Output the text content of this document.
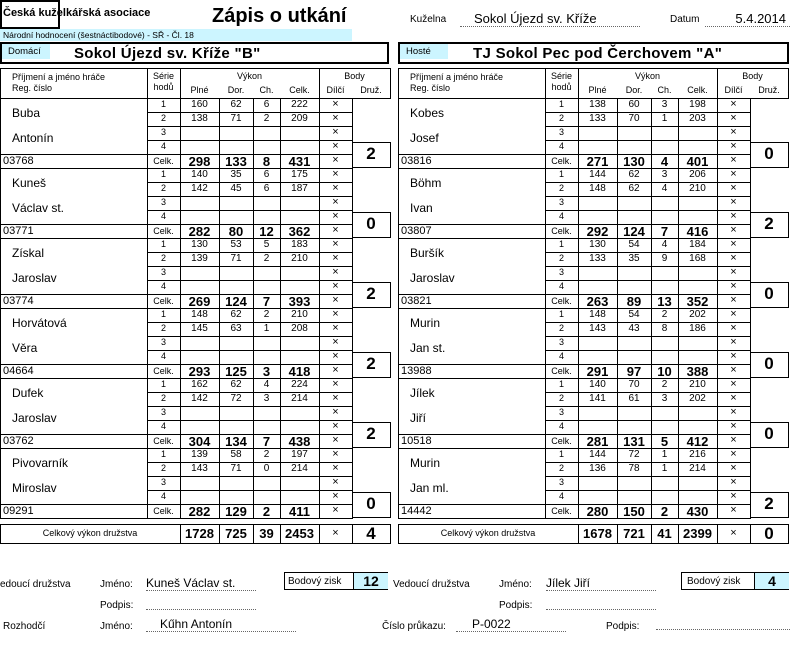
Česká kuželkářská asociace
Národní hodnocení (šestnáctibodové) - SŘ - Čl. 18
Zápis o utkání	Kuželna	Sokol Újezd sv. Kříže	Datum	5.4.2014
Domácí	Sokol Újezd sv. Kříže "B"	Hosté	TJ Sokol Pec pod Čerchovem "A"
Příjmení a jméno hráče
Reg. číslo
Série hodů
Výkon
Plné	Dor.	Ch.	Celk.
Body
Dílčí	Druž.
Buba
Antonín
03768
1	160	62	6	222	×
2	138	71	2	209	×
3	×
4	×
Celk.	298	133	8	431	×	2
Kuneš
Václav st.
03771
1	140	35	6	175	×
2	142	45	6	187	×
3	×
4	×
Celk.	282	80	12	362	×	0
Získal
Jaroslav
03774
1	130	53	5	183	×
2	139	71	2	210	×
3	×
4	×
Celk.	269	124	7	393	×	2
Horvátová
Věra
04664
1	148	62	2	210	×
2	145	63	1	208	×
3	×
4	×
Celk.	293	125	3	418	×	2
Dufek
Jaroslav
03762
1	162	62	4	224	×
2	142	72	3	214	×
3	×
4	×
Celk.	304	134	7	438	×	2
Pivovarník
Miroslav
09291
1	139	58	2	197	×
2	143	71	0	214	×
3	×
4	×
Celk.	282	129	2	411	×	0
Celkový výkon družstva	1728 725 39 2453	×	4
Příjmení a jméno hráče
Reg. číslo
Série hodů
Výkon
Plné	Dor.	Ch.	Celk.
Body
Dílčí	Druž.
Kobes
Josef
03816
1	138	60	3	198	×
2	133	70	1	203	×
3	×
4	×
Celk.	271	130	4	401	×	0
Böhm
Ivan
03807
1	144	62	3	206	×
2	148	62	4	210	×
3	×
4	×
Celk.	292	124	7	416	×	2
Buršík
Jaroslav
03821
1	130	54	4	184	×
2	133	35	9	168	×
3	×
4	×
Celk.	263	89	13	352	×	0
Murin
Jan st.
13988
1	148	54	2	202	×
2	143	43	8	186	×
3	×
4	×
Celk.	291	97	10	388	×	0
Jílek
Jiří
10518
1	140	70	2	210	×
2	141	61	3	202	×
3	×
4	×
Celk.	281	131	5	412	×	0
Murin
Jan ml.
14442
1	144	72	1	216	×
2	136	78	1	214	×
3	×
4	×
Celk.	280	150	2	430	×	2
Celkový výkon družstva	1678 721 41 2399	×	0
edoucí družstva	Jméno: Kuneš Václav st.	Bodový zisk	12
Podpis:
Vedoucí družstva	Jméno: Jílek Jiří	Bodový zisk	4
Podpis:
Rozhodčí	Jméno:	Kűhn Antonín	Číslo průkazu:	P-0022	Podpis:
